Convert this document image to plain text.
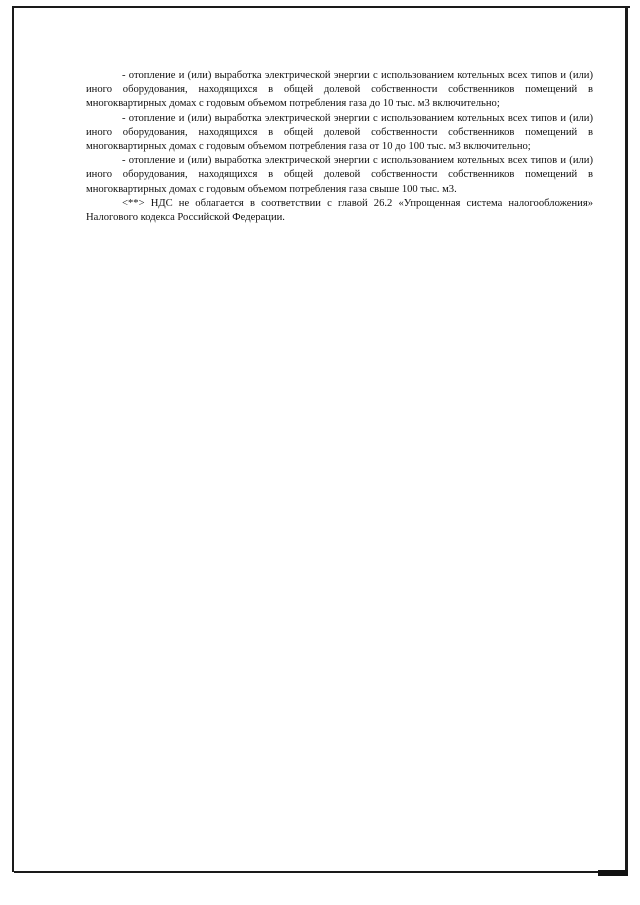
- отопление и (или) выработка электрической энергии с использованием котельных всех типов и (или) иного оборудования, находящихся в общей долевой собственности собственников помещений в многоквартирных домах с годовым объемом потребления газа до 10 тыс. м3 включительно;

- отопление и (или) выработка электрической энергии с использованием котельных всех типов и (или) иного оборудования, находящихся в общей долевой собственности собственников помещений в многоквартирных домах с годовым объемом потребления газа от 10 до 100 тыс. м3 включительно;

- отопление и (или) выработка электрической энергии с использованием котельных всех типов и (или) иного оборудования, находящихся в общей долевой собственности собственников помещений в многоквартирных домах с годовым объемом потребления газа свыше 100 тыс. м3.

<**> НДС не облагается в соответствии с главой 26.2 «Упрощенная система налогообложения» Налогового кодекса Российской Федерации.
